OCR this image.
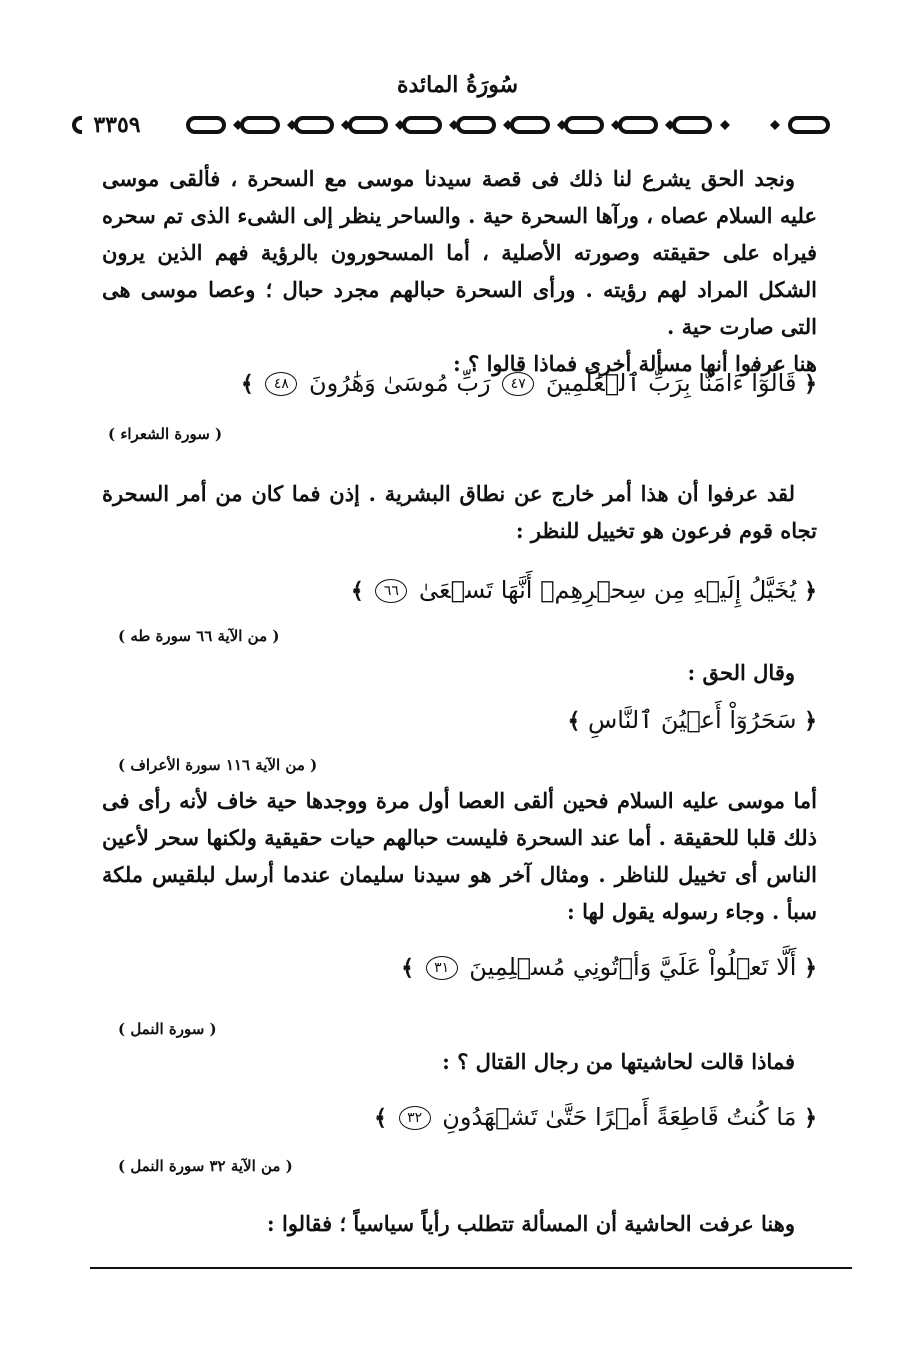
سُورَةُ المائدة
٣٣٥٩

ونجد الحق يشرع لنا ذلك فى قصة سيدنا موسى مع السحرة ، فألقى موسى عليه السلام عصاه ، ورآها السحرة حية . والساحر ينظر إلى الشىء الذى تم سحره فيراه على حقيقته وصورته الأصلية ، أما المسحورون بالرؤية فهم الذين يرون الشكل المراد لهم رؤيته . ورأى السحرة حبالهم مجرد حبال ؛ وعصا موسى هى التى صارت حية .

هنا عرفوا أنها مسألة أخرى فماذا قالوا ؟ :

﴿ قَالُوٓاْ ءَامَنَّا بِرَبِّ ٱلۡعَٰلَمِينَ ٤٧ رَبِّ مُوسَىٰ وَهَٰرُونَ ٤٨ ﴾
( سورة الشعراء )

لقد عرفوا أن هذا أمر خارج عن نطاق البشرية . إذن فما كان من أمر السحرة تجاه قوم فرعون هو تخييل للنظر :

﴿ يُخَيَّلُ إِلَيۡهِ مِن سِحۡرِهِمۡ أَنَّهَا تَسۡعَىٰ ٦٦ ﴾
( من الآية ٦٦ سورة طه )

وقال الحق :

﴿ سَحَرُوٓاْ أَعۡيُنَ ٱلنَّاسِ ﴾
( من الآية ١١٦ سورة الأعراف )

أما موسى عليه السلام فحين ألقى العصا أول مرة ووجدها حية خاف لأنه رأى فى ذلك قلبا للحقيقة . أما عند السحرة فليست حبالهم حيات حقيقية ولكنها سحر لأعين الناس أى تخييل للناظر . ومثال آخر هو سيدنا سليمان عندما أرسل لبلقيس ملكة سبأ . وجاء رسوله يقول لها :

﴿ أَلَّا تَعۡلُواْ عَلَيَّ وَأۡتُونِي مُسۡلِمِينَ ٣١ ﴾
( سورة النمل )

فماذا قالت لحاشيتها من رجال القتال ؟ :

﴿ مَا كُنتُ قَاطِعَةً أَمۡرًا حَتَّىٰ تَشۡهَدُونِ ٣٢ ﴾
( من الآية ٣٢ سورة النمل )

وهنا عرفت الحاشية أن المسألة تتطلب رأياً سياسياً ؛ فقالوا :
